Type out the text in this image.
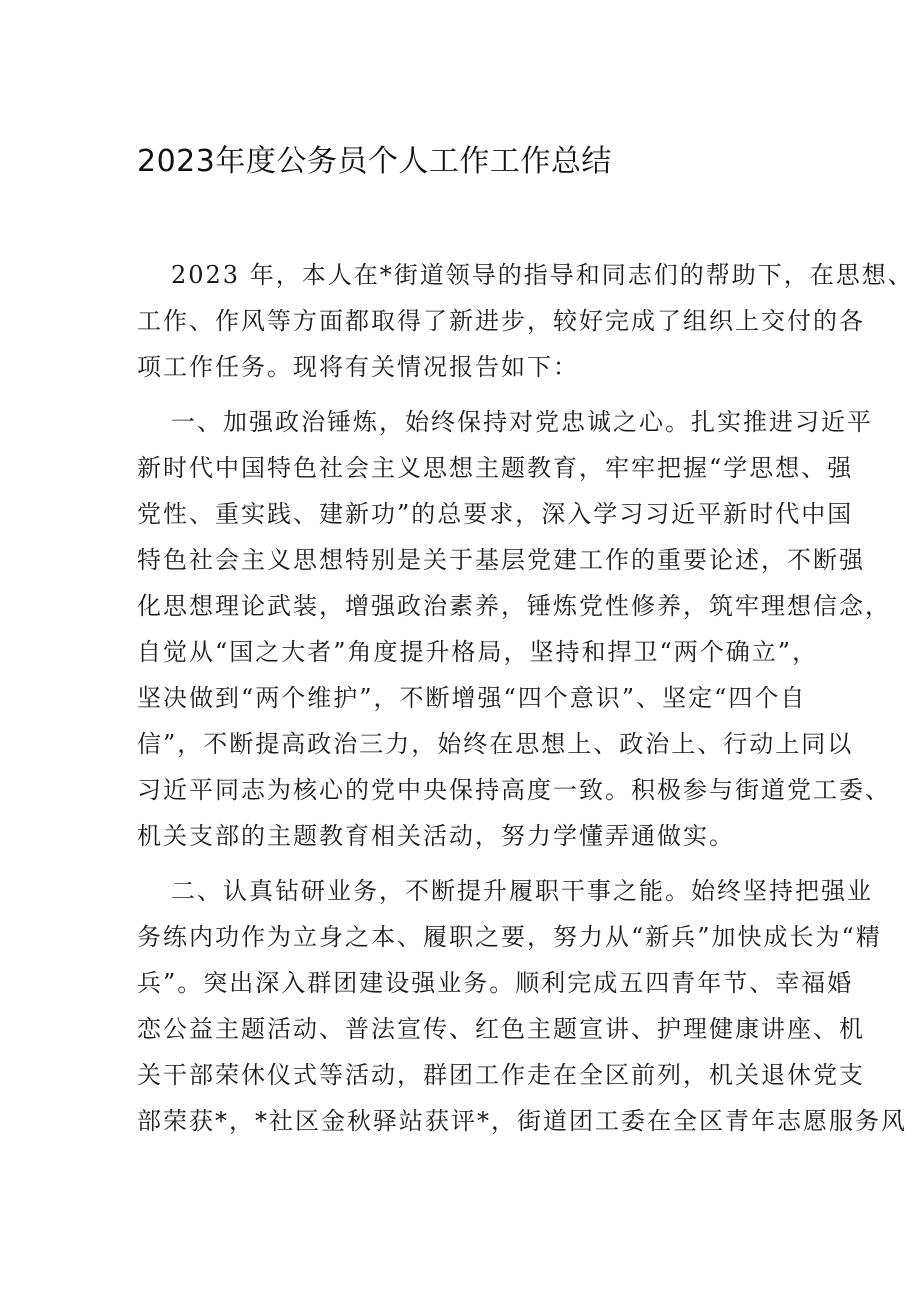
2023年度公务员个人工作工作总结

2023 年，本人在*街道领导的指导和同志们的帮助下，在思想、
工作、作风等方面都取得了新进步，较好完成了组织上交付的各
项工作任务。现将有关情况报告如下：

一、加强政治锤炼，始终保持对党忠诚之心。扎实推进习近平
新时代中国特色社会主义思想主题教育，牢牢把握“学思想、强
党性、重实践、建新功”的总要求，深入学习习近平新时代中国
特色社会主义思想特别是关于基层党建工作的重要论述，不断强
化思想理论武装，增强政治素养，锤炼党性修养，筑牢理想信念，
自觉从“国之大者”角度提升格局，坚持和捍卫“两个确立”，
坚决做到“两个维护”，不断增强“四个意识”、坚定“四个自
信”，不断提高政治三力，始终在思想上、政治上、行动上同以
习近平同志为核心的党中央保持高度一致。积极参与街道党工委、
机关支部的主题教育相关活动，努力学懂弄通做实。

二、认真钻研业务，不断提升履职干事之能。始终坚持把强业
务练内功作为立身之本、履职之要，努力从“新兵”加快成长为“精
兵”。突出深入群团建设强业务。顺利完成五四青年节、幸福婚
恋公益主题活动、普法宣传、红色主题宣讲、护理健康讲座、机
关干部荣休仪式等活动，群团工作走在全区前列，机关退休党支
部荣获*，*社区金秋驿站获评*，街道团工委在全区青年志愿服务风
